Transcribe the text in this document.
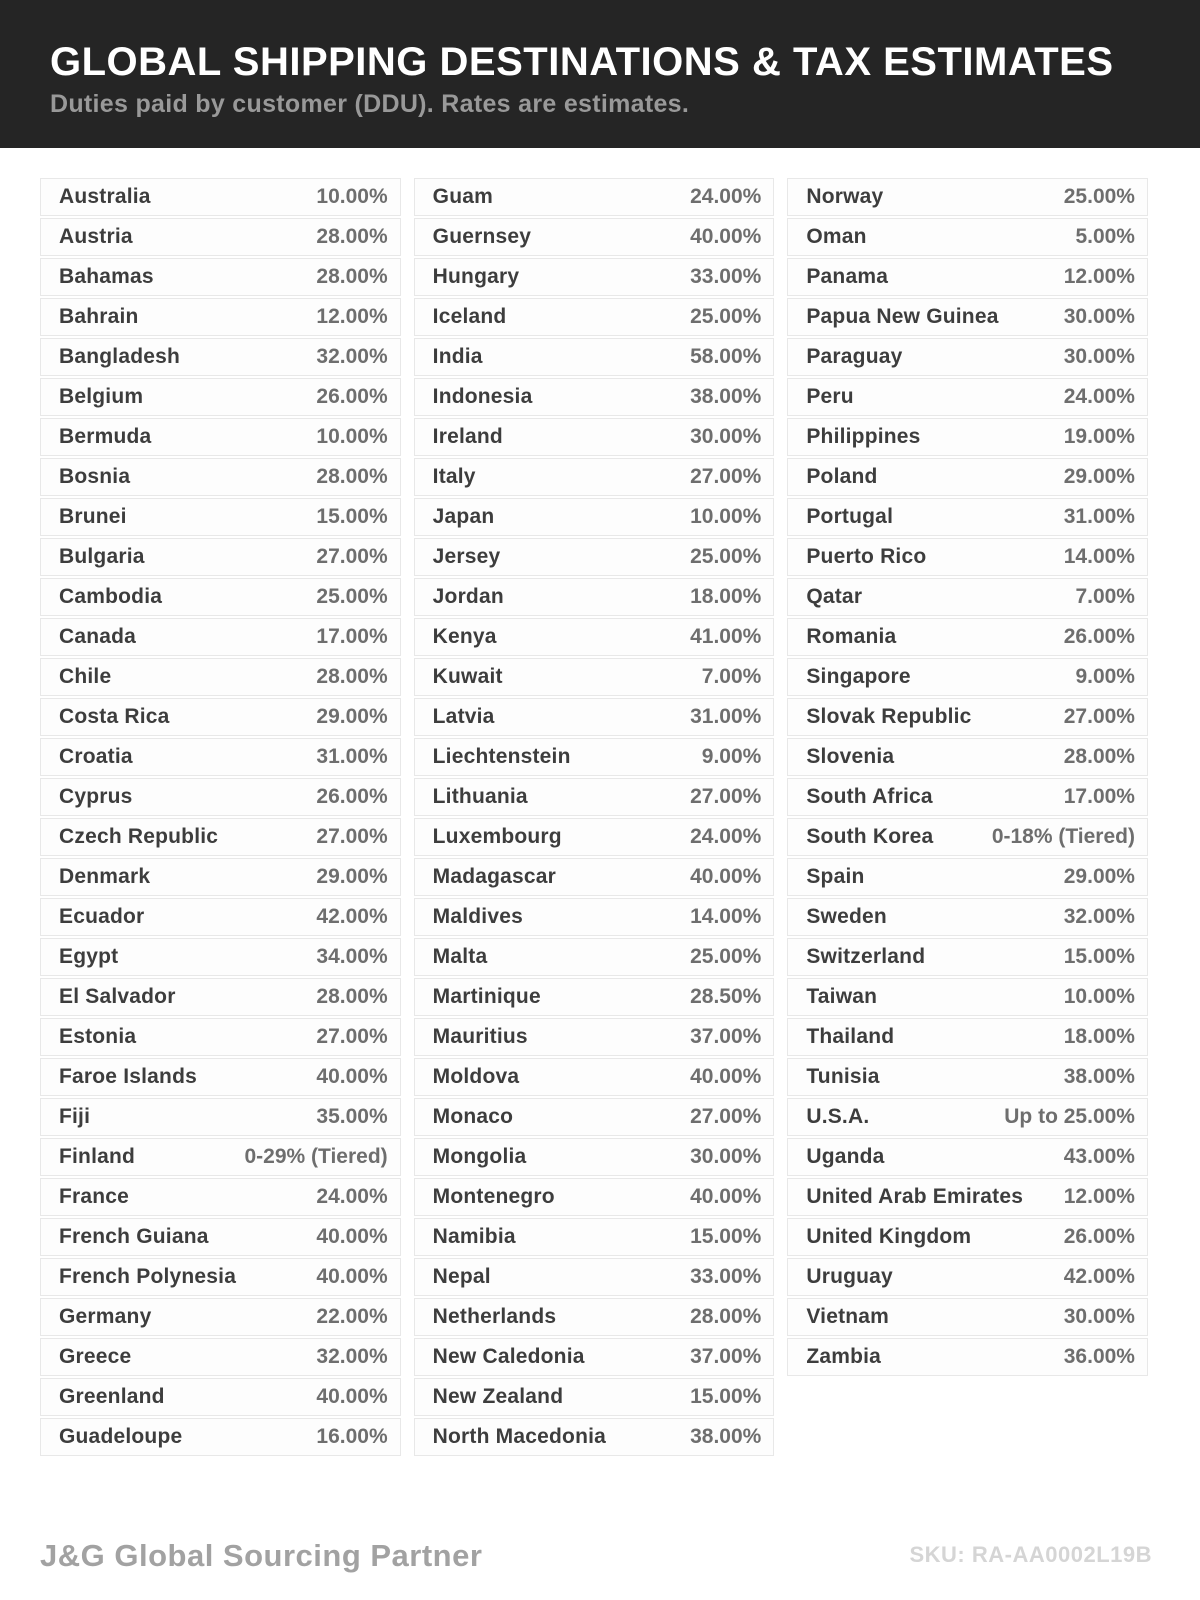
GLOBAL SHIPPING DESTINATIONS & TAX ESTIMATES

Duties paid by customer (DDU). Rates are estimates.

Australia	10.00%
Austria	28.00%
Bahamas	28.00%
Bahrain	12.00%
Bangladesh	32.00%
Belgium	26.00%
Bermuda	10.00%
Bosnia	28.00%
Brunei	15.00%
Bulgaria	27.00%
Cambodia	25.00%
Canada	17.00%
Chile	28.00%
Costa Rica	29.00%
Croatia	31.00%
Cyprus	26.00%
Czech Republic	27.00%
Denmark	29.00%
Ecuador	42.00%
Egypt	34.00%
El Salvador	28.00%
Estonia	27.00%
Faroe Islands	40.00%
Fiji	35.00%
Finland	0-29% (Tiered)
France	24.00%
French Guiana	40.00%
French Polynesia	40.00%
Germany	22.00%
Greece	32.00%
Greenland	40.00%
Guadeloupe	16.00%
Guam	24.00%
Guernsey	40.00%
Hungary	33.00%
Iceland	25.00%
India	58.00%
Indonesia	38.00%
Ireland	30.00%
Italy	27.00%
Japan	10.00%
Jersey	25.00%
Jordan	18.00%
Kenya	41.00%
Kuwait	7.00%
Latvia	31.00%
Liechtenstein	9.00%
Lithuania	27.00%
Luxembourg	24.00%
Madagascar	40.00%
Maldives	14.00%
Malta	25.00%
Martinique	28.50%
Mauritius	37.00%
Moldova	40.00%
Monaco	27.00%
Mongolia	30.00%
Montenegro	40.00%
Namibia	15.00%
Nepal	33.00%
Netherlands	28.00%
New Caledonia	37.00%
New Zealand	15.00%
North Macedonia	38.00%
Norway	25.00%
Oman	5.00%
Panama	12.00%
Papua New Guinea	30.00%
Paraguay	30.00%
Peru	24.00%
Philippines	19.00%
Poland	29.00%
Portugal	31.00%
Puerto Rico	14.00%
Qatar	7.00%
Romania	26.00%
Singapore	9.00%
Slovak Republic	27.00%
Slovenia	28.00%
South Africa	17.00%
South Korea	0-18% (Tiered)
Spain	29.00%
Sweden	32.00%
Switzerland	15.00%
Taiwan	10.00%
Thailand	18.00%
Tunisia	38.00%
U.S.A.	Up to 25.00%
Uganda	43.00%
United Arab Emirates 12.00%
United Kingdom	26.00%
Uruguay	42.00%
Vietnam	30.00%
Zambia	36.00%
J&G Global Sourcing Partner	SKU: RA-AA0002L19B
